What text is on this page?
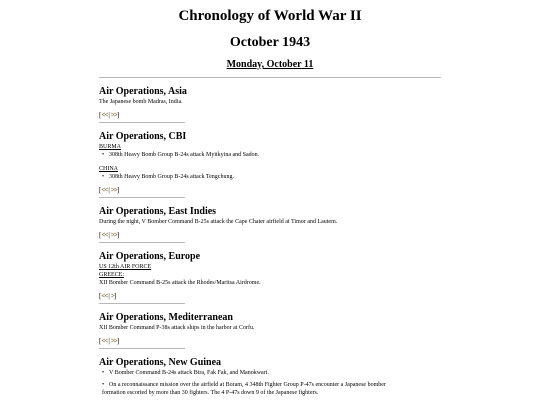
Chronology of World War II
October 1943
Monday, October 11
Air Operations, Asia
The Japanese bomb Madras, India.
[<<|>>]
Air Operations, CBI
BURMA
• 308th Heavy Bomb Group B-24s attack Myitkyina and Sadon.
CHINA
• 308th Heavy Bomb Group B-24s attack Tengchung.
[<<|>>]
Air Operations, East Indies
During the night, V Bomber Command B-25s attack the Cape Chater airfield at Timor and Lautem.
[<<|>>]
Air Operations, Europe
US 12th AIR FORCE
GREECE:
XII Bomber Command B-25s attack the Rhodes/Maritsa Airdrome.
[<<|>]
Air Operations, Mediterranean
XII Bomber Command P-38s attack ships in the harbor at Corfu.
[<<|>>]
Air Operations, New Guinea
• V Bomber Command B-24s attack Bira, Fak Fak, and Manokwari.
• On a reconnaissance mission over the airfield at Boram, 4 348th Fighter Group P-47s encounter a Japanese bomber
formation escorted by more than 30 fighters. The 4 P-47s down 9 of the Japanese fighters.
